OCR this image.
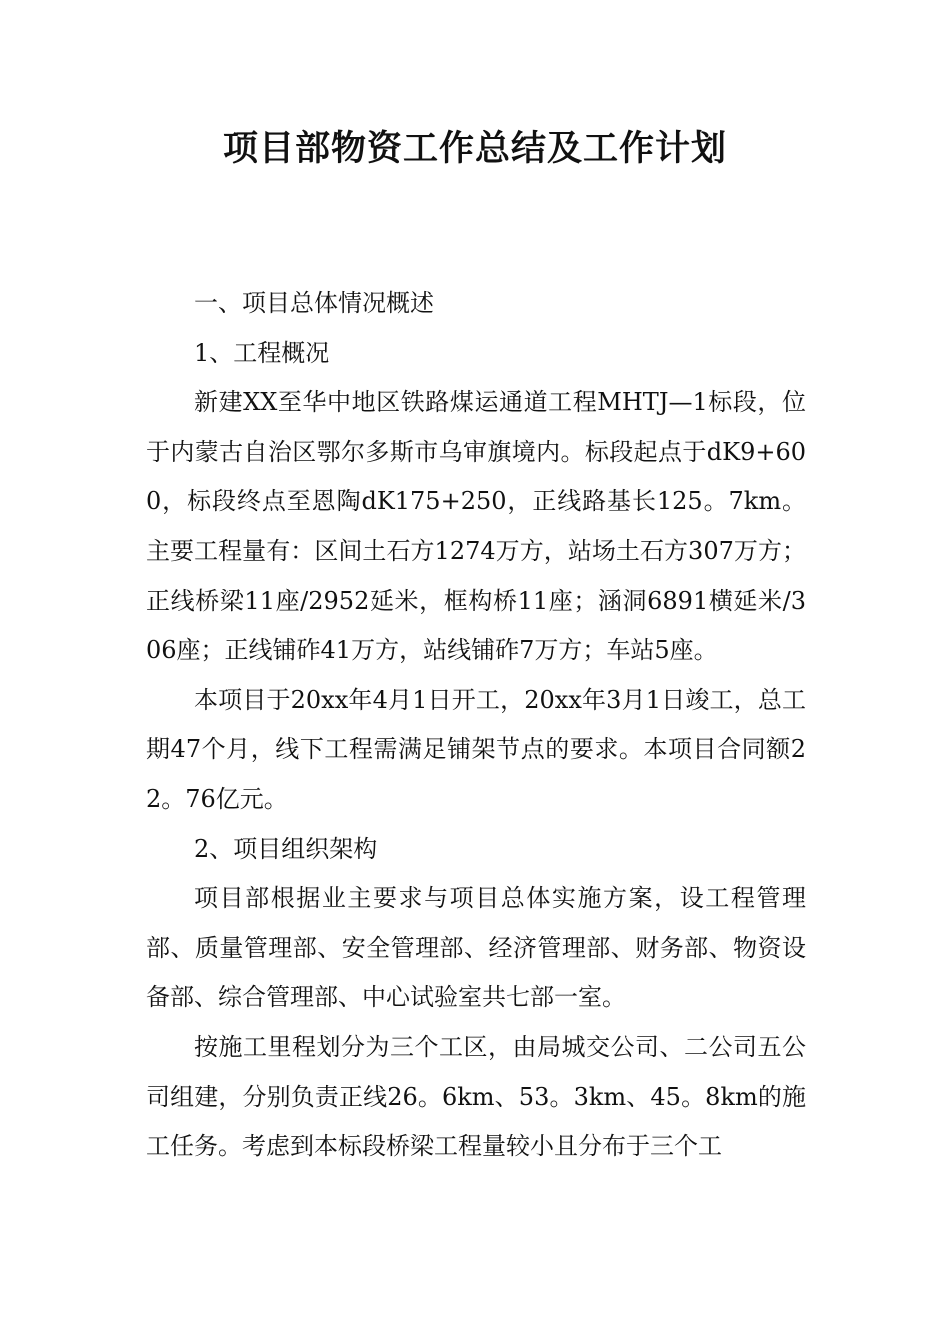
项目部物资工作总结及工作计划

一、项目总体情况概述

1、工程概况

新建XX至华中地区铁路煤运通道工程MHTJ—1标段，位于内蒙古自治区鄂尔多斯市乌审旗境内。标段起点于dK9+600，标段终点至恩陶dK175+250，正线路基长125。7km。主要工程量有：区间土石方1274万方，站场土石方307万方；正线桥梁11座/2952延米，框构桥11座；涵洞6891横延米/306座；正线铺砟41万方，站线铺砟7万方；车站5座。

本项目于20xx年4月1日开工，20xx年3月1日竣工，总工期47个月，线下工程需满足铺架节点的要求。本项目合同额22。76亿元。

2、项目组织架构

项目部根据业主要求与项目总体实施方案，设工程管理部、质量管理部、安全管理部、经济管理部、财务部、物资设备部、综合管理部、中心试验室共七部一室。

按施工里程划分为三个工区，由局城交公司、二公司五公司组建，分别负责正线26。6km、53。3km、45。8km的施工任务。考虑到本标段桥梁工程量较小且分布于三个工
